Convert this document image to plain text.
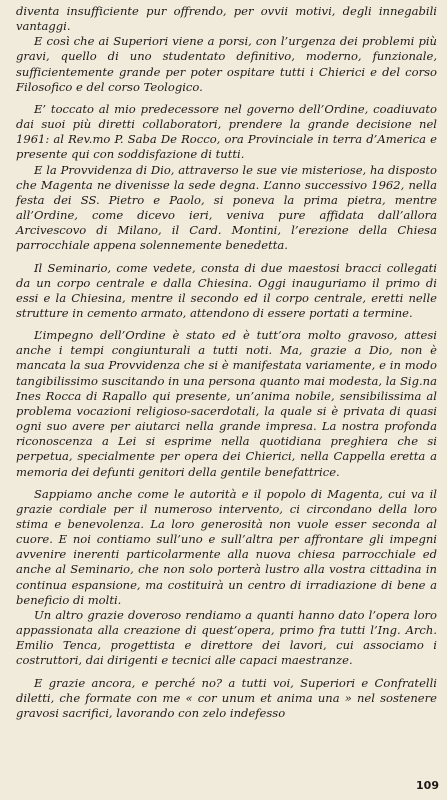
diventa insufficiente pur offrendo, per ovvii motivi, degli innegabili vantaggi.

E così che ai Superiori viene a porsi, con l’urgenza dei problemi più gravi, quello di uno studentato definitivo, moderno, funzionale, sufficientemente grande per poter ospitare tutti i Chierici e del corso Filosofico e del corso Teologico.

E’ toccato al mio predecessore nel governo dell’Ordine, coadiuvato dai suoi più diretti collaboratori, prendere la grande decisione nel 1961: al Rev.mo P. Saba De Rocco, ora Provinciale in terra d’America e presente qui con soddisfazione di tutti.

E la Provvidenza di Dio, attraverso le sue vie misteriose, ha disposto che Magenta ne divenisse la sede degna. L’anno successivo 1962, nella festa dei SS. Pietro e Paolo, si poneva la prima pietra, mentre all’Ordine, come dicevo ieri, veniva pure affidata dall’allora Arcivescovo di Milano, il Card. Montini, l’erezione della Chiesa parrocchiale appena solennemente benedetta.

Il Seminario, come vedete, consta di due maestosi bracci collegati da un corpo centrale e dalla Chiesina. Oggi inauguriamo il primo di essi e la Chiesina, mentre il secondo ed il corpo centrale, eretti nelle strutture in cemento armato, attendono di essere portati a termine.

L’impegno dell’Ordine è stato ed è tutt’ora molto gravoso, attesi anche i tempi congiunturali a tutti noti. Ma, grazie a Dio, non è mancata la sua Provvidenza che si è manifestata variamente, e in modo tangibilissimo suscitando in una persona quanto mai modesta, la Sig.na Ines Rocca di Rapallo qui presente, un’anima nobile, sensibilissima al problema vocazioni religioso-sacerdotali, la quale si è privata di quasi ogni suo avere per aiutarci nella grande impresa. La nostra profonda riconoscenza a Lei si esprime nella quotidiana preghiera che si perpetua, specialmente per opera dei Chierici, nella Cappella eretta a memoria dei defunti genitori della gentile benefattrice.

Sappiamo anche come le autorità e il popolo di Magenta, cui va il grazie cordiale per il numeroso intervento, ci circondano della loro stima e benevolenza. La loro generosità non vuole esser seconda al cuore. E noi contiamo sull’uno e sull’altra per affrontare gli impegni avvenire inerenti particolarmente alla nuova chiesa parrocchiale ed anche al Seminario, che non solo porterà lustro alla vostra cittadina in continua espansione, ma costituirà un centro di irradiazione di bene a beneficio di molti.

Un altro grazie doveroso rendiamo a quanti hanno dato l’opera loro appassionata alla creazione di quest’opera, primo fra tutti l’Ing. Arch. Emilio Tenca, progettista e direttore dei lavori, cui associamo i costruttori, dai dirigenti e tecnici alle capaci maestranze.

E grazie ancora, e perché no? a tutti voi, Superiori e Confratelli diletti, che formate con me « cor unum et anima una » nel sostenere gravosi sacrifici, lavorando con zelo indefesso

109
